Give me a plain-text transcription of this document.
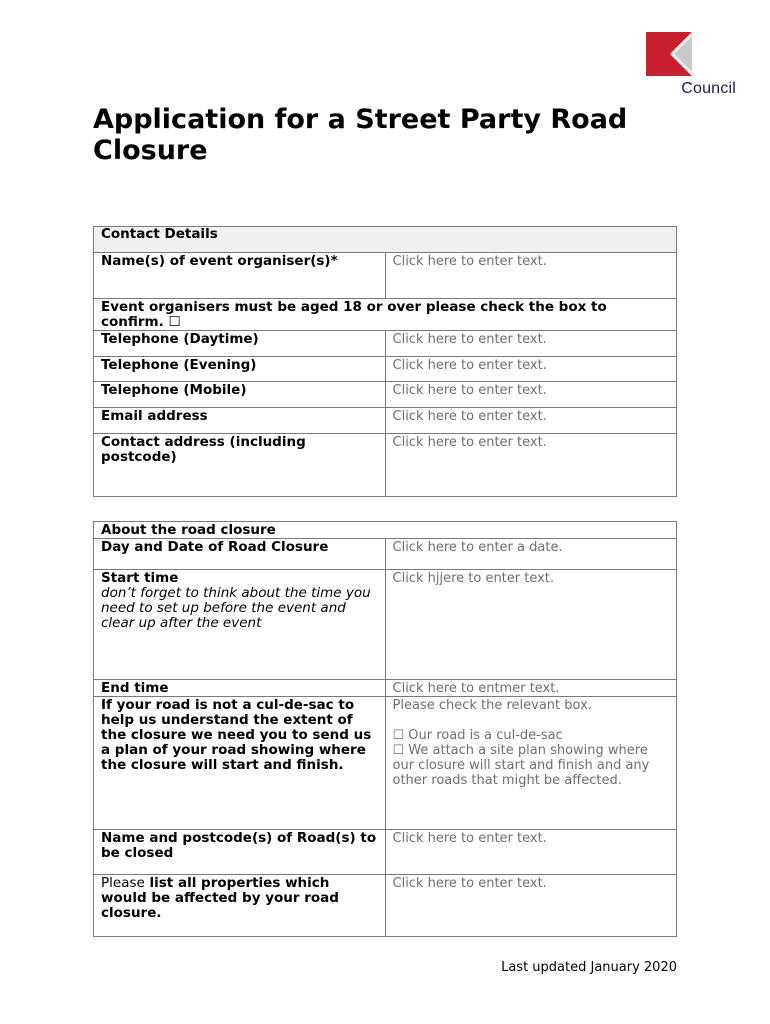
Council
Application for a Street Party Road Closure
Contact Details	
Name(s) of event organiser(s)*	Click here to enter text.
Event organisers must be aged 18 or over please check the box to confirm. ☐	
Telephone (Daytime)	Click here to enter text.
Telephone (Evening)	Click here to enter text.
Telephone (Mobile)	Click here to enter text.
Email address	Click here to enter text.
Contact address (including postcode)	Click here to enter text.
About the road closure	
Day and Date of Road Closure	Click here to enter a date.
Start time
don’t forget to think about the time you need to set up before the event and clear up after the event	Click hjjere to enter text.
End time	Click here to entmer text.
If your road is not a cul-de-sac to help us understand the extent of the closure we need you to send us a plan of your road showing where the closure will start and finish.	Please check the relevant box.
☐ Our road is a cul-de-sac
☐ We attach a site plan showing where our closure will start and finish and any other roads that might be affected.

Name and postcode(s) of Road(s) to be closed	Click here to enter text.
Please list all properties which would be affected by your road closure.	Click here to enter text.
Last updated January 2020
